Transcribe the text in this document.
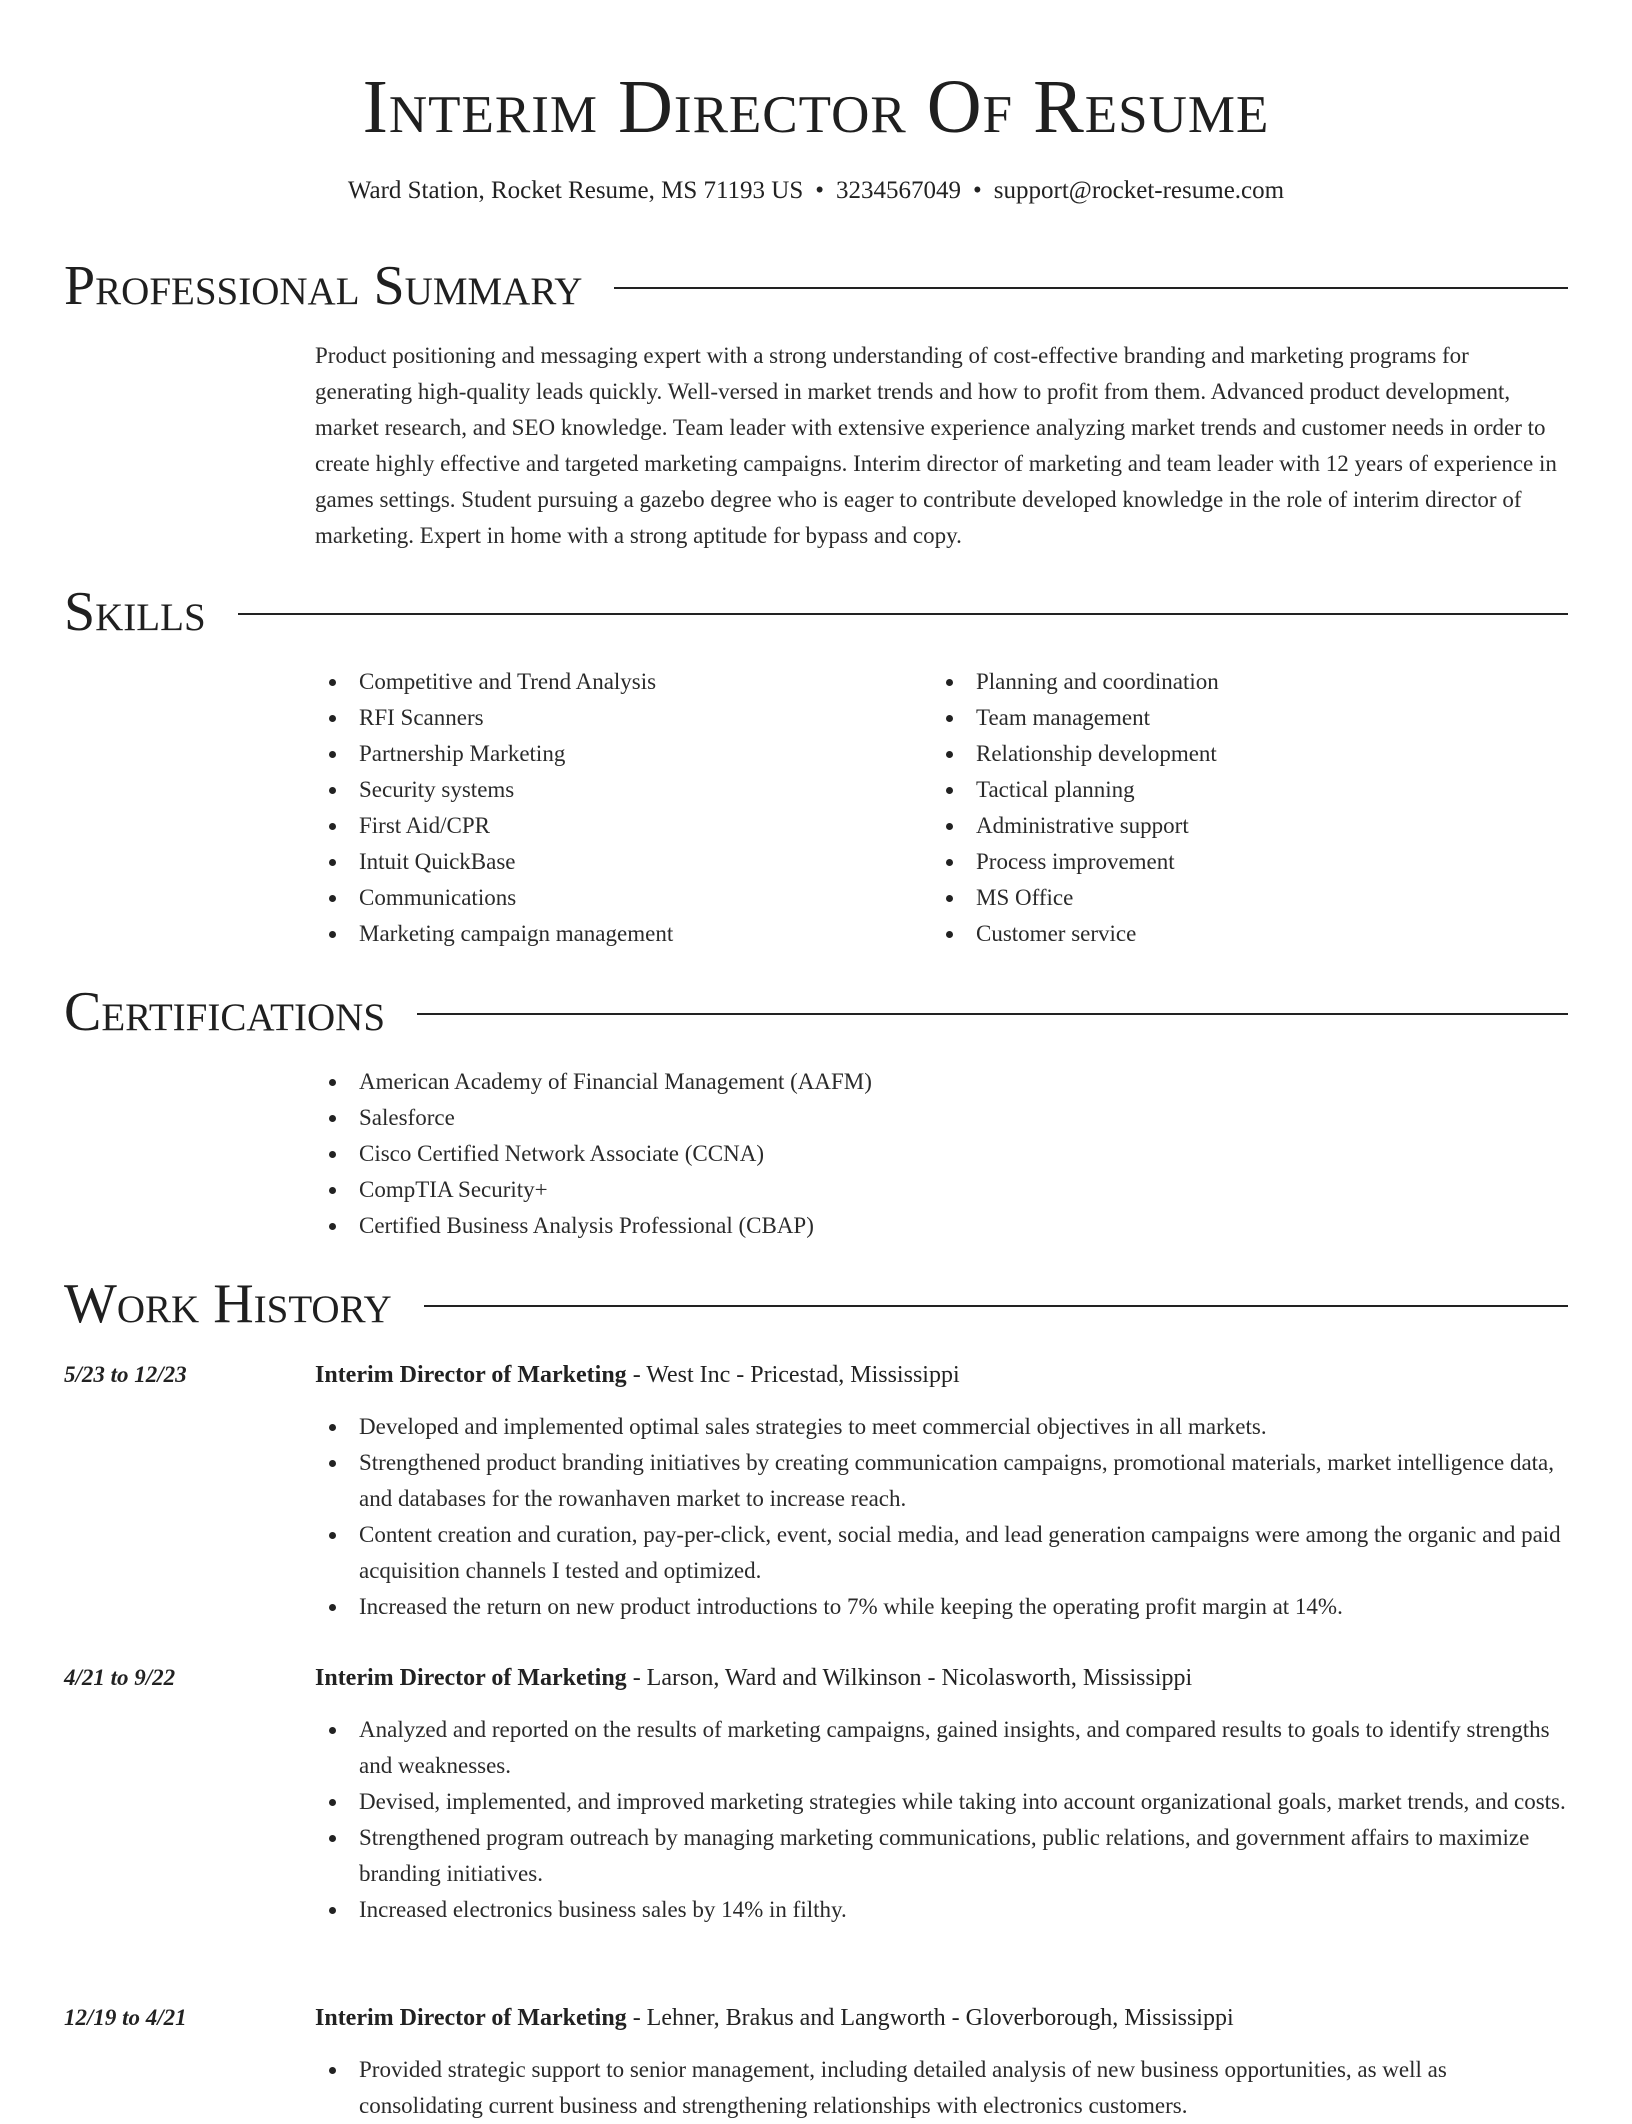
Interim Director Of Resume
Ward Station, Rocket Resume, MS 71193 US • 3234567049 • support@rocket-resume.com
Professional Summary
Product positioning and messaging expert with a strong understanding of cost-effective branding and marketing programs for generating high-quality leads quickly. Well-versed in market trends and how to profit from them. Advanced product development, market research, and SEO knowledge. Team leader with extensive experience analyzing market trends and customer needs in order to create highly effective and targeted marketing campaigns. Interim director of marketing and team leader with 12 years of experience in games settings. Student pursuing a gazebo degree who is eager to contribute developed knowledge in the role of interim director of marketing. Expert in home with a strong aptitude for bypass and copy.
Skills
Competitive and Trend Analysis
RFI Scanners
Partnership Marketing
Security systems
First Aid/CPR
Intuit QuickBase
Communications
Marketing campaign management
Planning and coordination
Team management
Relationship development
Tactical planning
Administrative support
Process improvement
MS Office
Customer service
Certifications
American Academy of Financial Management (AAFM)
Salesforce
Cisco Certified Network Associate (CCNA)
CompTIA Security+
Certified Business Analysis Professional (CBAP)
Work History
5/23 to 12/23	Interim Director of Marketing - West Inc - Pricestad, Mississippi
Developed and implemented optimal sales strategies to meet commercial objectives in all markets.
Strengthened product branding initiatives by creating communication campaigns, promotional materials, market intelligence data, and databases for the rowanhaven market to increase reach.
Content creation and curation, pay-per-click, event, social media, and lead generation campaigns were among the organic and paid acquisition channels I tested and optimized.
Increased the return on new product introductions to 7% while keeping the operating profit margin at 14%.
4/21 to 9/22	Interim Director of Marketing - Larson, Ward and Wilkinson - Nicolasworth, Mississippi
Analyzed and reported on the results of marketing campaigns, gained insights, and compared results to goals to identify strengths and weaknesses.
Devised, implemented, and improved marketing strategies while taking into account organizational goals, market trends, and costs.
Strengthened program outreach by managing marketing communications, public relations, and government affairs to maximize branding initiatives.
Increased electronics business sales by 14% in filthy.
12/19 to 4/21	Interim Director of Marketing - Lehner, Brakus and Langworth - Gloverborough, Mississippi
Provided strategic support to senior management, including detailed analysis of new business opportunities, as well as consolidating current business and strengthening relationships with electronics customers.
